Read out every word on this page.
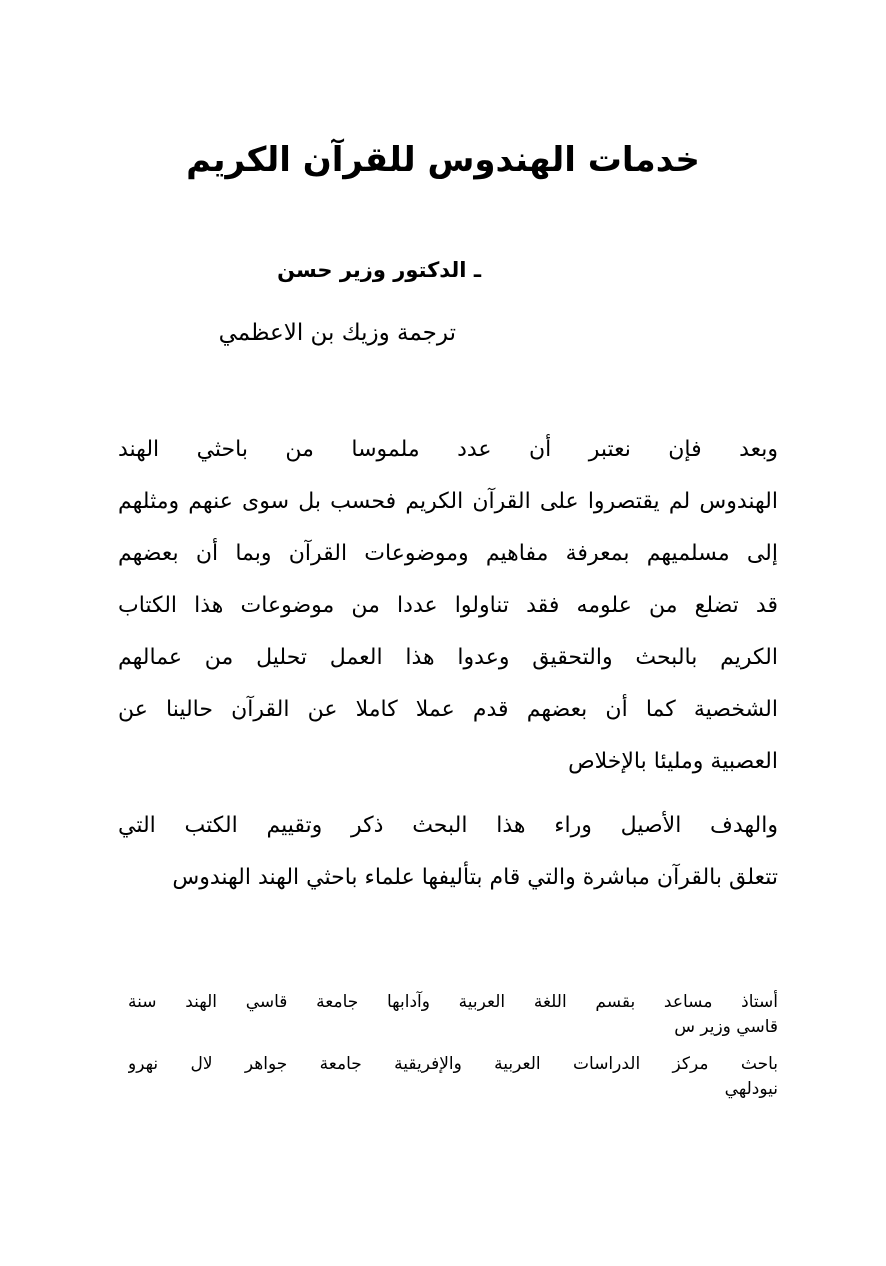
خدمات الهندوس للقرآن الكريم
ـ الدكتور وزير حسن
ترجمة وزيك بن الاعظمي
وبعد فإن نعتبر أن عدد ملموسا من باحثي الهند
الهندوس لم يقتصروا على القرآن الكريم فحسب بل سوى عنهم ومثلهم
إلى مسلميهم بمعرفة مفاهيم وموضوعات القرآن وبما أن بعضهم
قد تضلع من علومه فقد تناولوا عددا من موضوعات هذا الكتاب
الكريم بالبحث والتحقيق وعدوا هذا العمل تحليل من عمالهم
الشخصية كما أن بعضهم قدم عملا كاملا عن القرآن حالينا عن
العصبية ومليئا بالإخلاص
والهدف الأصيل وراء هذا البحث ذكر وتقييم الكتب التي
تتعلق بالقرآن مباشرة والتي قام بتأليفها علماء باحثي الهند الهندوس
أستاذ مساعد بقسم اللغة العربية وآدابها جامعة قاسي الهند سنة
قاسي وزير س
باحث مركز الدراسات العربية والإفريقية جامعة جواهر لال نهرو
نيودلهي
